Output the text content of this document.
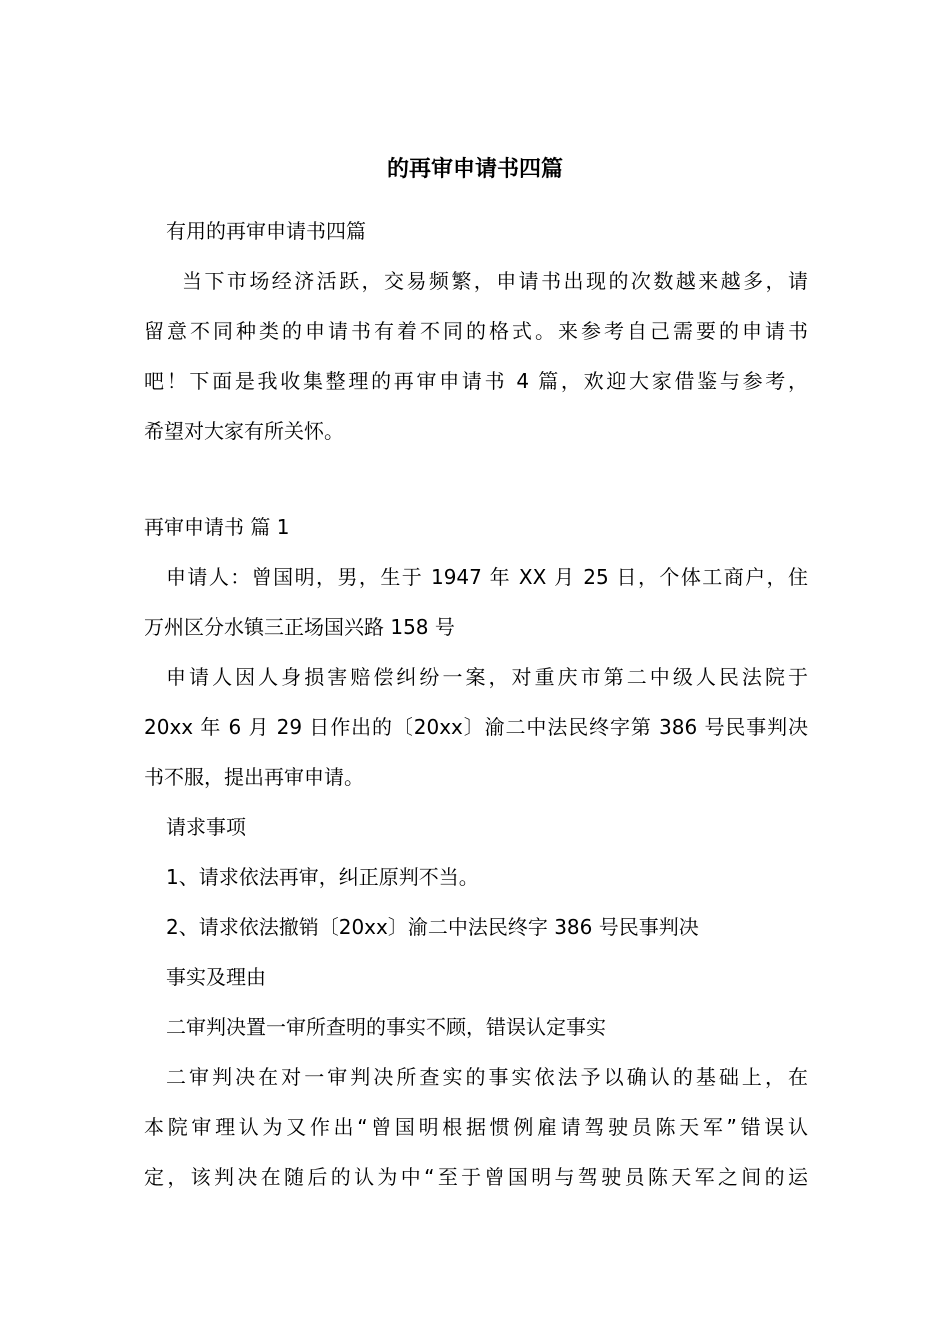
的再审申请书四篇

有用的再审申请书四篇

当下市场经济活跃，交易频繁，申请书出现的次数越来越多，请

留意不同种类的申请书有着不同的格式。来参考自己需要的申请书

吧！下面是我收集整理的再审申请书 4 篇，欢迎大家借鉴与参考，

希望对大家有所关怀。

再审申请书 篇 1

申请人：曾国明，男，生于 1947 年 XX 月 25 日，个体工商户，住

万州区分水镇三正场国兴路 158 号

申请人因人身损害赔偿纠纷一案，对重庆市第二中级人民法院于

20xx 年 6 月 29 日作出的〔20xx〕渝二中法民终字第 386 号民事判决

书不服，提出再审申请。

请求事项

1、请求依法再审，纠正原判不当。

2、请求依法撤销〔20xx〕渝二中法民终字 386 号民事判决

事实及理由

二审判决置一审所查明的事实不顾，错误认定事实

二审判决在对一审判决所查实的事实依法予以确认的基础上，在

本院审理认为又作出“曾国明根据惯例雇请驾驶员陈天军”错误认

定，该判决在随后的认为中“至于曾国明与驾驶员陈天军之间的运
